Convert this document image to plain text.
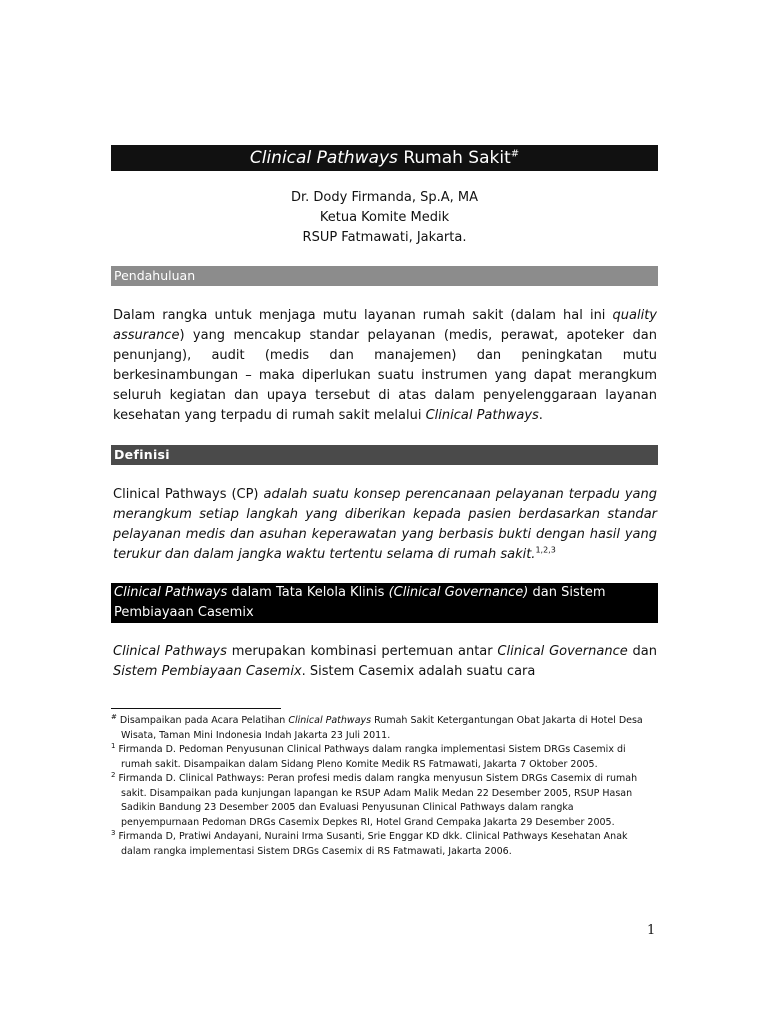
Clinical Pathways Rumah Sakit#
Dr. Dody Firmanda, Sp.A, MA
Ketua Komite Medik
RSUP Fatmawati, Jakarta.
Pendahuluan

Dalam rangka untuk menjaga mutu layanan rumah sakit (dalam hal ini quality assurance) yang mencakup standar pelayanan (medis, perawat, apoteker dan penunjang), audit (medis dan manajemen) dan peningkatan mutu berkesinambungan – maka diperlukan suatu instrumen yang dapat merangkum seluruh kegiatan dan upaya tersebut di atas dalam penyelenggaraan layanan kesehatan yang terpadu di rumah sakit melalui Clinical Pathways.

Definisi

Clinical Pathways (CP) adalah suatu konsep perencanaan pelayanan terpadu yang merangkum setiap langkah yang diberikan kepada pasien berdasarkan standar pelayanan medis dan asuhan keperawatan yang berbasis bukti dengan hasil yang terukur dan dalam jangka waktu tertentu selama di rumah sakit.$^{1,2,3}$

Clinical Pathways dalam Tata Kelola Klinis (Clinical Governance) dan Sistem
Pembiayaan Casemix

Clinical Pathways merupakan kombinasi pertemuan antar Clinical Governance dan Sistem Pembiayaan Casemix. Sistem Casemix adalah suatu cara

# Disampaikan pada Acara Pelatihan Clinical Pathways Rumah Sakit Ketergantungan Obat Jakarta di Hotel Desa Wisata, Taman Mini Indonesia Indah Jakarta 23 Juli 2011.

$^1$ Firmanda D. Pedoman Penyusunan Clinical Pathways dalam rangka implementasi Sistem DRGs Casemix di rumah sakit. Disampaikan dalam Sidang Pleno Komite Medik RS Fatmawati, Jakarta 7 Oktober 2005.

$^2$ Firmanda D. Clinical Pathways: Peran profesi medis dalam rangka menyusun Sistem DRGs Casemix di rumah sakit. Disampaikan pada kunjungan lapangan ke RSUP Adam Malik Medan 22 Desember 2005, RSUP Hasan Sadikin Bandung 23 Desember 2005 dan Evaluasi Penyusunan Clinical Pathways dalam rangka penyempurnaan Pedoman DRGs Casemix Depkes RI, Hotel Grand Cempaka Jakarta 29 Desember 2005.

$^3$ Firmanda D, Pratiwi Andayani, Nuraini Irma Susanti, Srie Enggar KD dkk. Clinical Pathways Kesehatan Anak dalam rangka implementasi Sistem DRGs Casemix di RS Fatmawati, Jakarta 2006.

1
